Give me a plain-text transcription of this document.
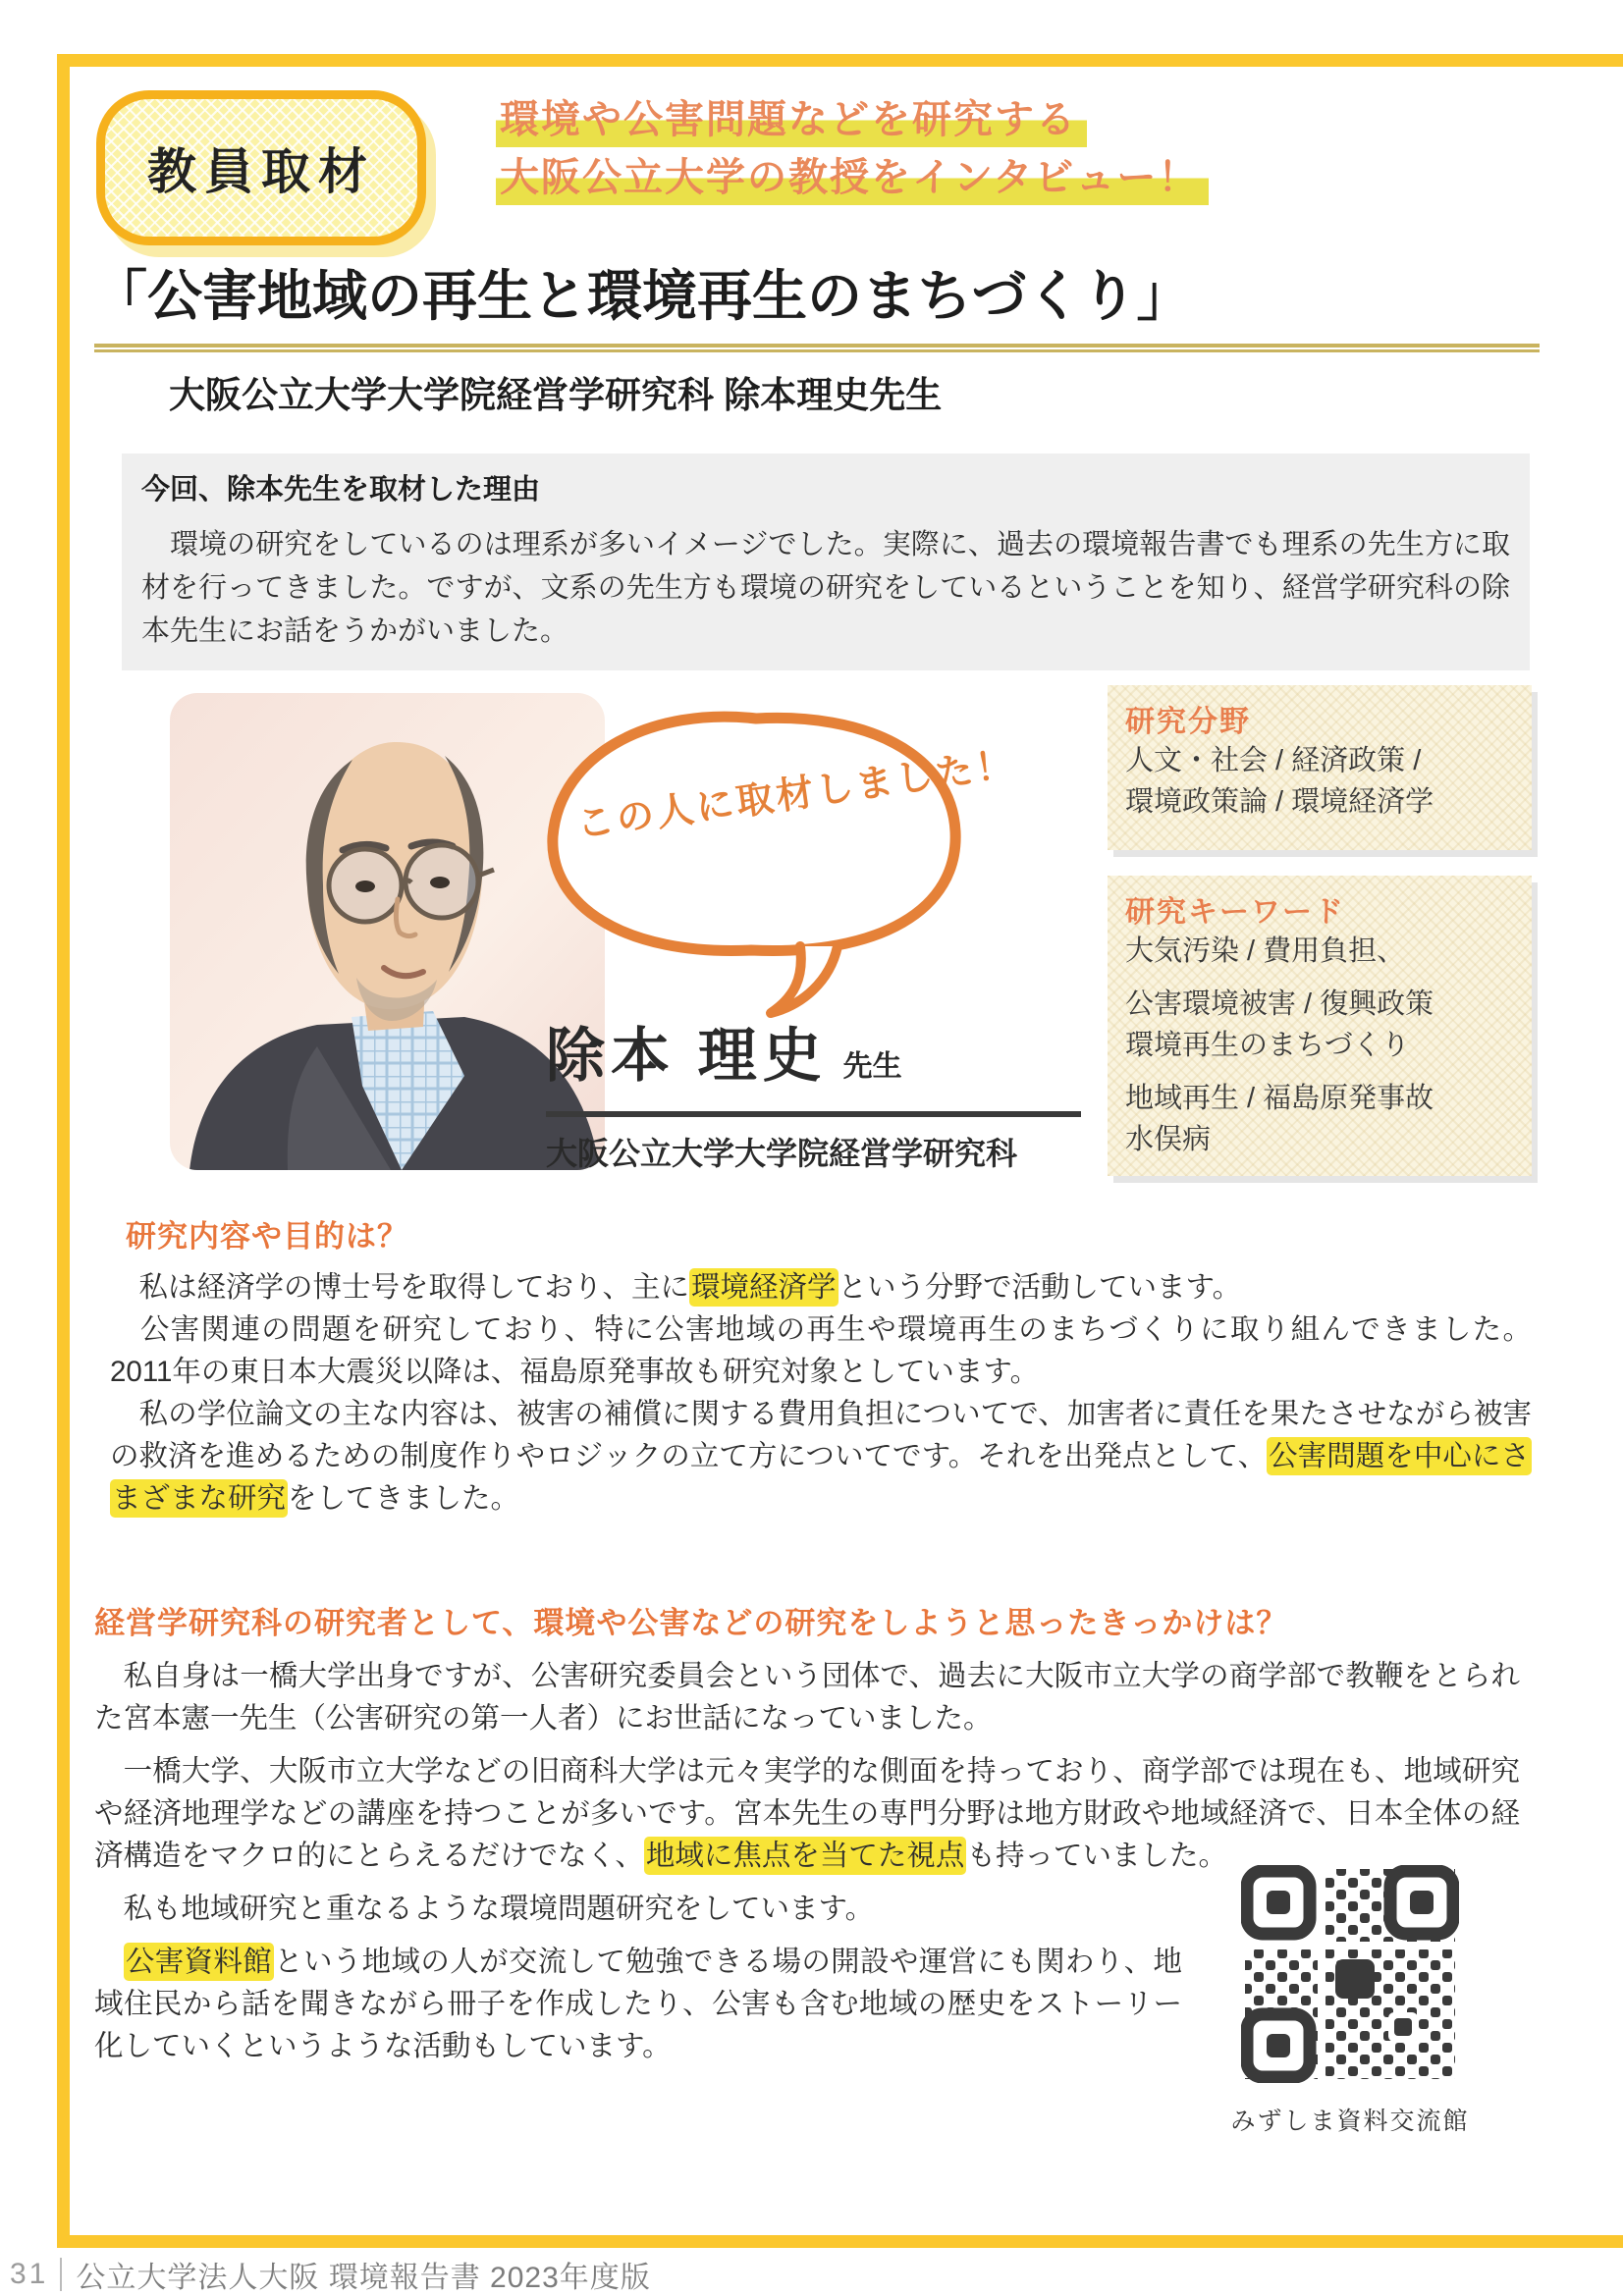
教員取材
環境や公害問題などを研究する
大阪公立大学の教授をインタビュー！
「公害地域の再生と環境再生のまちづくり」
大阪公立大学大学院経営学研究科 除本理史先生
今回、除本先生を取材した理由
　環境の研究をしているのは理系が多いイメージでした。実際に、過去の環境報告書でも理系の先生方に取材を行ってきました。ですが、文系の先生方も環境の研究をしているということを知り、経営学研究科の除本先生にお話をうかがいました。
この人に取材しました！
除本 理史 先生
大阪公立大学大学院経営学研究科
研究分野
人文・社会 / 経済政策 /
環境政策論 / 環境経済学
研究キーワード
大気汚染 / 費用負担、
公害環境被害 / 復興政策
環境再生のまちづくり
地域再生 / 福島原発事故
水俣病
研究内容や目的は？

　私は経済学の博士号を取得しており、主に環境経済学という分野で活動しています。

　公害関連の問題を研究しており、特に公害地域の再生や環境再生のまちづくりに取り組んできました。2011年の東日本大震災以降は、福島原発事故も研究対象としています。

　私の学位論文の主な内容は、被害の補償に関する費用負担についてで、加害者に責任を果たさせながら被害の救済を進めるための制度作りやロジックの立て方についてです。それを出発点として、公害問題を中心にさまざまな研究をしてきました。

経営学研究科の研究者として、環境や公害などの研究をしようと思ったきっかけは？

　私自身は一橋大学出身ですが、公害研究委員会という団体で、過去に大阪市立大学の商学部で教鞭をとられた宮本憲一先生（公害研究の第一人者）にお世話になっていました。

　一橋大学、大阪市立大学などの旧商科大学は元々実学的な側面を持っており、商学部では現在も、地域研究や経済地理学などの講座を持つことが多いです。宮本先生の専門分野は地方財政や地域経済で、日本全体の経済構造をマクロ的にとらえるだけでなく、地域に焦点を当てた視点も持っていました。

　私も地域研究と重なるような環境問題研究をしています。

　公害資料館という地域の人が交流して勉強できる場の開設や運営にも関わり、地域住民から話を聞きながら冊子を作成したり、公害も含む地域の歴史をストーリー化していくというような活動もしています。

みずしま資料交流館
31 公立大学法人大阪 環境報告書 2023年度版
